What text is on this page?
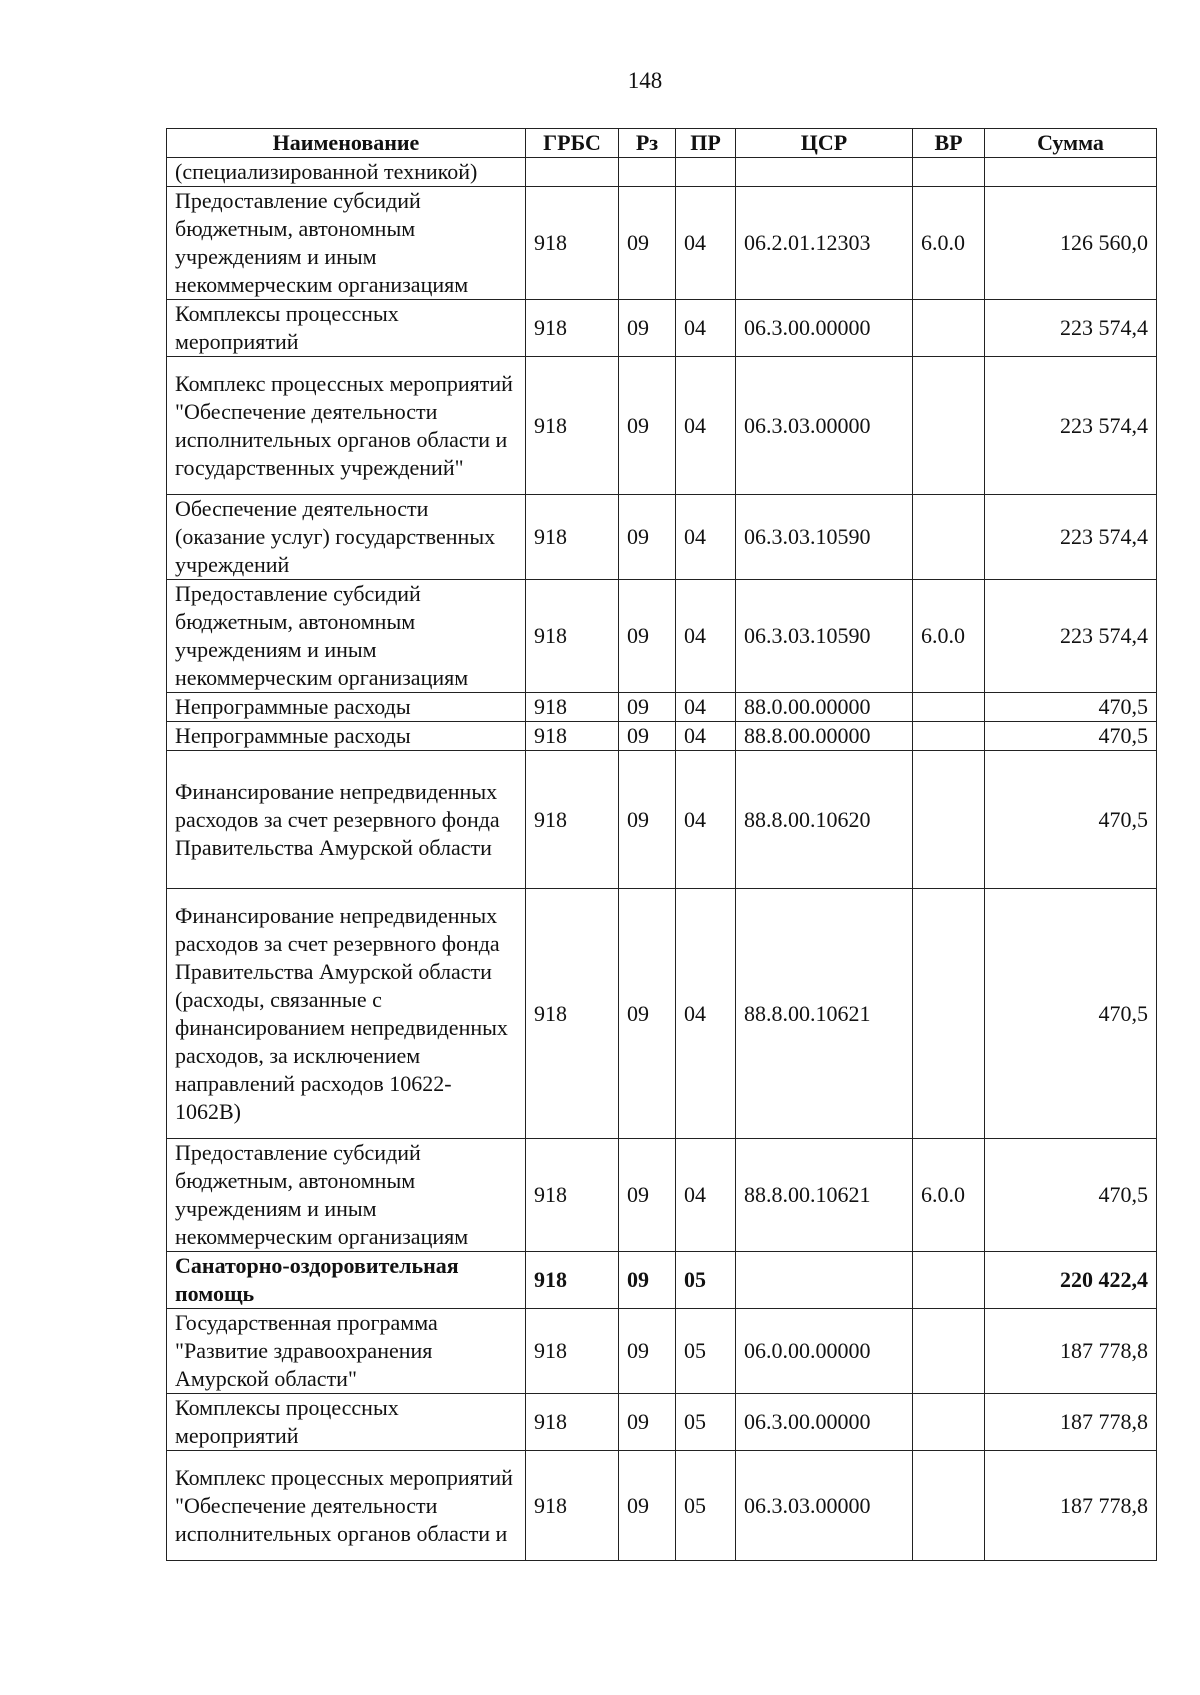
148
Наименование	ГРБС	Рз	ПР	ЦСР	ВР	Сумма
(специализированной техникой)						
Предоставление субсидий бюджетным, автономным учреждениям и иным некоммерческим организациям	918	09	04	06.2.01.12303	6.0.0	126 560,0
Комплексы процессных мероприятий	918	09	04	06.3.00.00000		223 574,4
Комплекс процессных мероприятий "Обеспечение деятельности исполнительных органов области и государственных учреждений"	918	09	04	06.3.03.00000		223 574,4
Обеспечение деятельности (оказание услуг) государственных учреждений	918	09	04	06.3.03.10590		223 574,4
Предоставление субсидий бюджетным, автономным учреждениям и иным некоммерческим организациям	918	09	04	06.3.03.10590	6.0.0	223 574,4
Непрограммные расходы	918	09	04	88.0.00.00000		470,5
Непрограммные расходы	918	09	04	88.8.00.00000		470,5
Финансирование непредвиденных расходов за счет резервного фонда Правительства Амурской области	918	09	04	88.8.00.10620		470,5
Финансирование непредвиденных расходов за счет резервного фонда Правительства Амурской области (расходы, связанные с финансированием непредвиденных расходов, за исключением направлений расходов 10622-1062В)	918	09	04	88.8.00.10621		470,5
Предоставление субсидий бюджетным, автономным учреждениям и иным некоммерческим организациям	918	09	04	88.8.00.10621	6.0.0	470,5
Санаторно-оздоровительная помощь	918	09	05			220 422,4
Государственная программа "Развитие здравоохранения Амурской области"	918	09	05	06.0.00.00000		187 778,8
Комплексы процессных мероприятий	918	09	05	06.3.00.00000		187 778,8
Комплекс процессных мероприятий "Обеспечение деятельности исполнительных органов области и	918	09	05	06.3.03.00000		187 778,8
